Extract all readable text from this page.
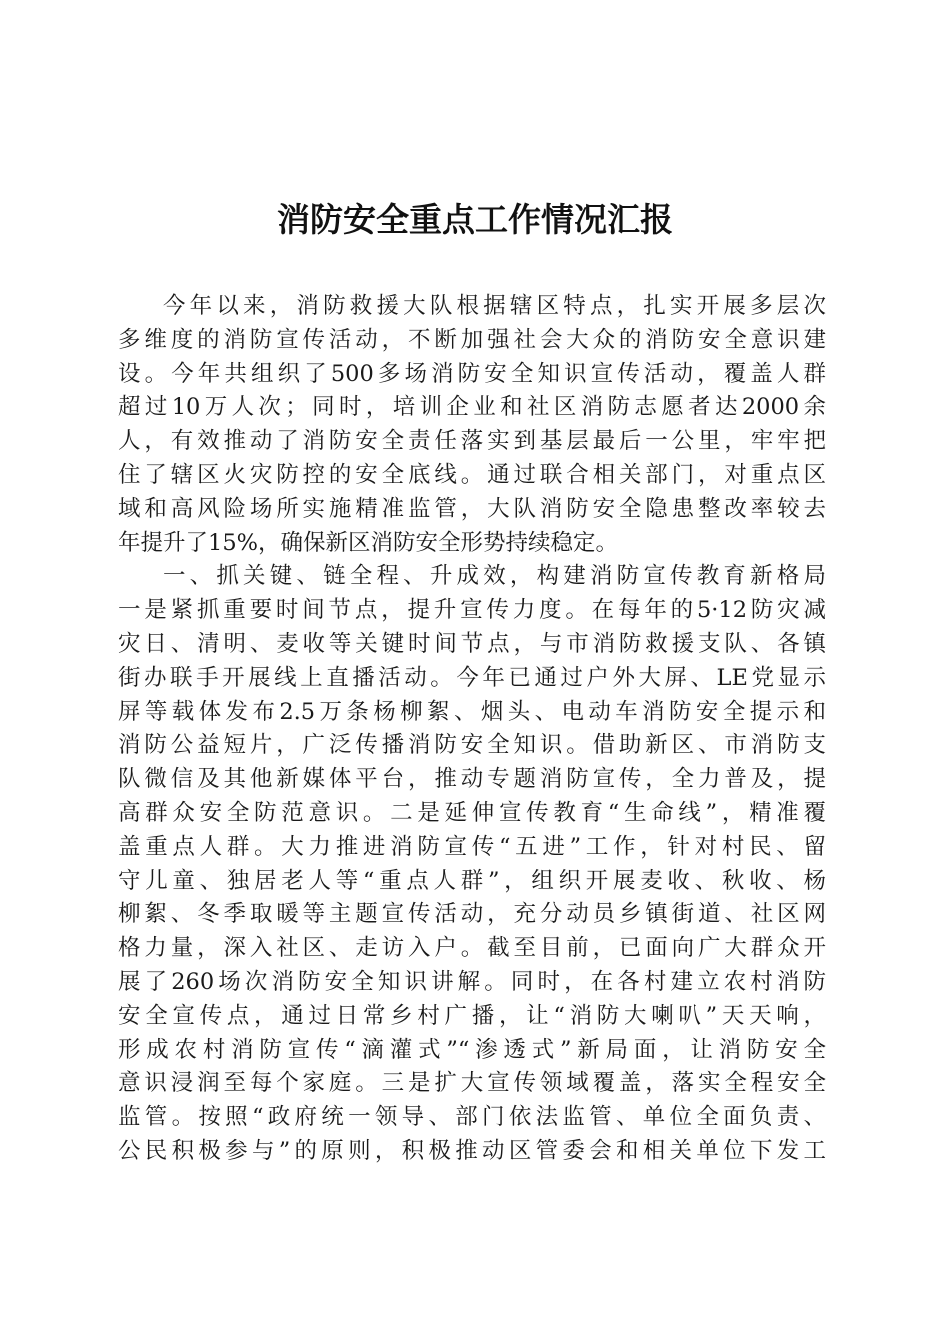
消防安全重点工作情况汇报

今年以来，消防救援大队根据辖区特点，扎实开展多层次
多维度的消防宣传活动，不断加强社会大众的消防安全意识建
设。今年共组织了500多场消防安全知识宣传活动，覆盖人群
超过10万人次；同时，培训企业和社区消防志愿者达2000余
人，有效推动了消防安全责任落实到基层最后一公里，牢牢把
住了辖区火灾防控的安全底线。通过联合相关部门，对重点区
域和高风险场所实施精准监管，大队消防安全隐患整改率较去
年提升了15%，确保新区消防安全形势持续稳定。

一、抓关键、链全程、升成效，构建消防宣传教育新格局
一是紧抓重要时间节点，提升宣传力度。在每年的5·12防灾减
灾日、清明、麦收等关键时间节点，与市消防救援支队、各镇
街办联手开展线上直播活动。今年已通过户外大屏、LE党显示
屏等载体发布2.5万条杨柳絮、烟头、电动车消防安全提示和
消防公益短片，广泛传播消防安全知识。借助新区、市消防支
队微信及其他新媒体平台，推动专题消防宣传，全力普及，提
高群众安全防范意识。二是延伸宣传教育“生命线”，精准覆
盖重点人群。大力推进消防宣传“五进”工作，针对村民、留
守儿童、独居老人等“重点人群”，组织开展麦收、秋收、杨
柳絮、冬季取暖等主题宣传活动，充分动员乡镇街道、社区网
格力量，深入社区、走访入户。截至目前，已面向广大群众开
展了260场次消防安全知识讲解。同时，在各村建立农村消防
安全宣传点，通过日常乡村广播，让“消防大喇叭”天天响，
形成农村消防宣传“滴灌式”“渗透式”新局面，让消防安全
意识浸润至每个家庭。三是扩大宣传领域覆盖，落实全程安全
监管。按照“政府统一领导、部门依法监管、单位全面负责、
公民积极参与”的原则，积极推动区管委会和相关单位下发工
